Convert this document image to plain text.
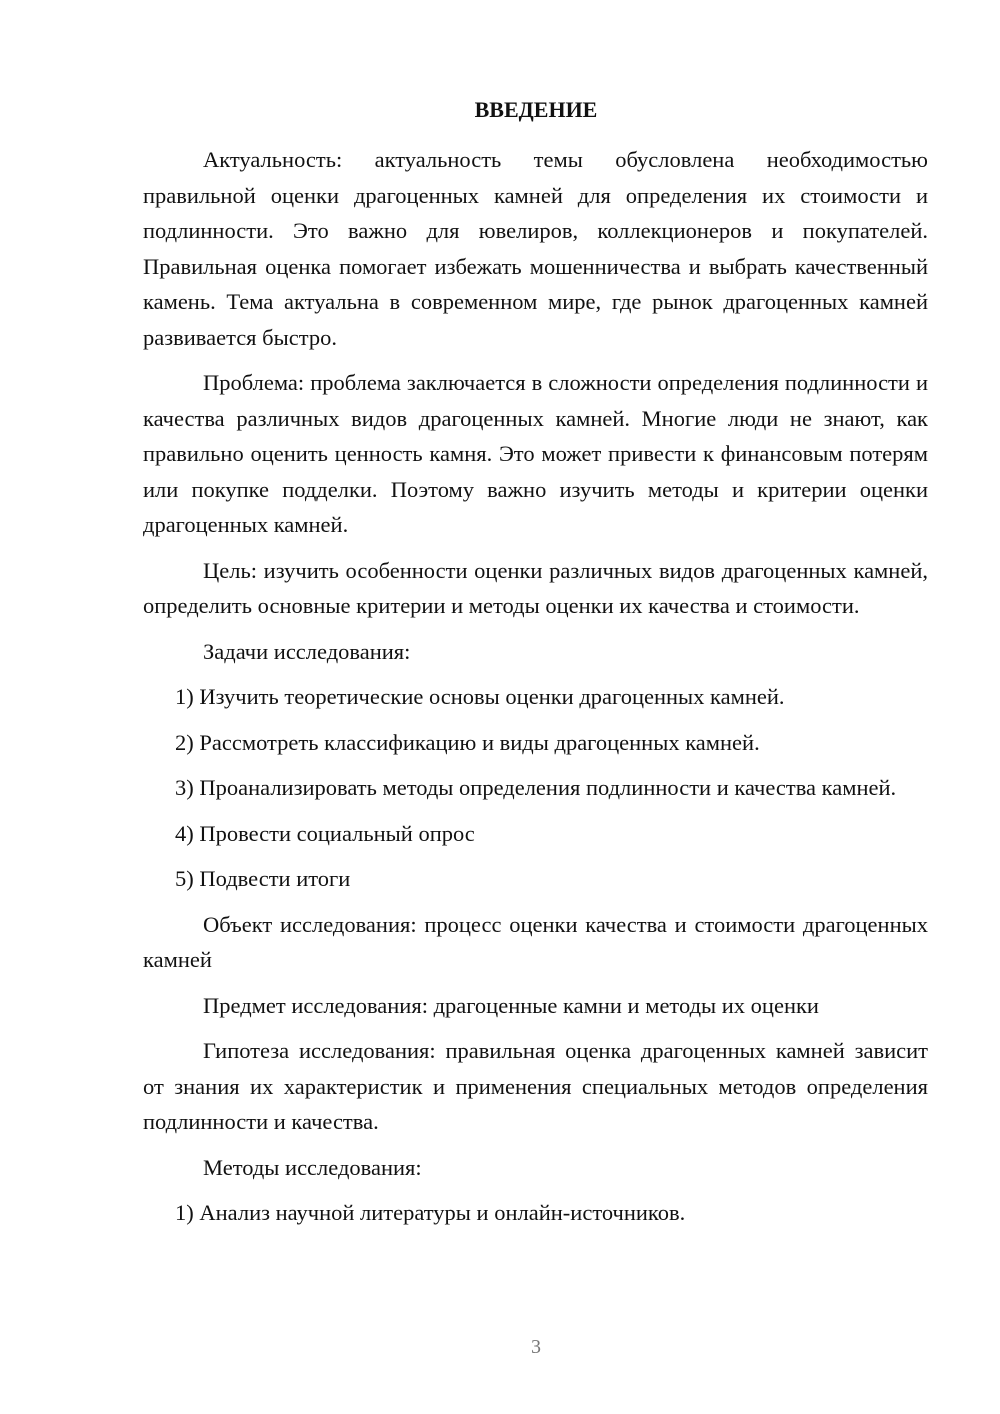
ВВЕДЕНИЕ

Актуальность: актуальность темы обусловлена необходимостью правильной оценки драгоценных камней для определения их стоимости и подлинности. Это важно для ювелиров, коллекционеров и покупателей. Правильная оценка помогает избежать мошенничества и выбрать качественный камень. Тема актуальна в современном мире, где рынок драгоценных камней развивается быстро.

Проблема: проблема заключается в сложности определения подлинности и качества различных видов драгоценных камней. Многие люди не знают, как правильно оценить ценность камня. Это может привести к финансовым потерям или покупке подделки. Поэтому важно изучить методы и критерии оценки драгоценных камней.

Цель: изучить особенности оценки различных видов драгоценных камней, определить основные критерии и методы оценки их качества и стоимости.

Задачи исследования:

1) Изучить теоретические основы оценки драгоценных камней.

2) Рассмотреть классификацию и виды драгоценных камней.

3) Проанализировать методы определения подлинности и качества камней.

4) Провести социальный опрос

5) Подвести итоги

Объект исследования: процесс оценки качества и стоимости драгоценных камней

Предмет исследования: драгоценные камни и методы их оценки

Гипотеза исследования: правильная оценка драгоценных камней зависит от знания их характеристик и применения специальных методов определения подлинности и качества.

Методы исследования:

1) Анализ научной литературы и онлайн-источников.

3
